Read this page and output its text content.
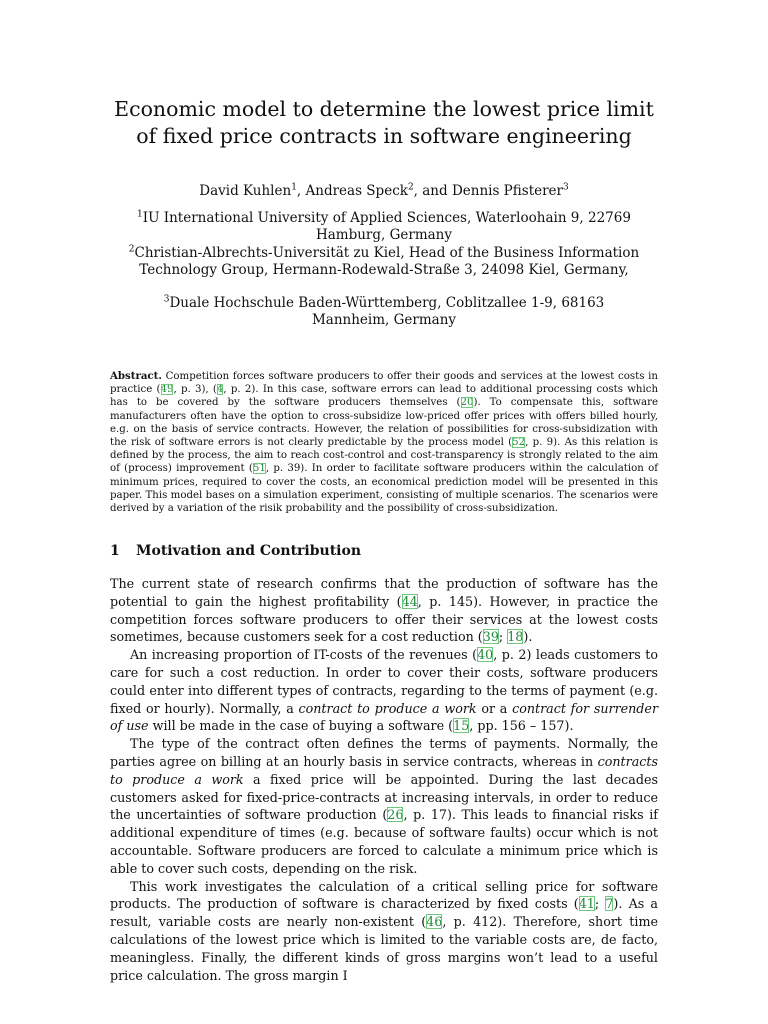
Economic model to determine the lowest price limit
of fixed price contracts in software engineering
David Kuhlen$^1$, Andreas Speck$^2$, and Dennis Pfisterer$^3$
$^1$IU International University of Applied Sciences, Waterloohain 9, 22769
Hamburg, Germany
$^2$Christian-Albrechts-Universität zu Kiel, Head of the Business Information
Technology Group, Hermann-Rodewald-Straße 3, 24098 Kiel, Germany,
$^3$Duale Hochschule Baden-Württemberg, Coblitzallee 1-9, 68163
Mannheim, Germany
Abstract. Competition forces software producers to offer their goods and services at the lowest costs in practice (49, p. 3), (4, p. 2). In this case, software errors can lead to additional processing costs which has to be covered by the software producers themselves (20). To compensate this, software manufacturers often have the option to cross-subsidize low-priced offer prices with offers billed hourly, e.g. on the basis of service contracts. However, the relation of possibilities for cross-subsidization with the risk of software errors is not clearly predictable by the process model (52, p. 9). As this relation is defined by the process, the aim to reach cost-control and cost-transparency is strongly related to the aim of (process) improvement (51, p. 39). In order to facilitate software producers within the calculation of minimum prices, required to cover the costs, an economical prediction model will be presented in this paper. This model bases on a simulation experiment, consisting of multiple scenarios. The scenarios were derived by a variation of the risik probability and the possibility of cross-subsidization.
1 Motivation and Contribution

The current state of research confirms that the production of software has the potential to gain the highest profitability (44, p. 145). However, in practice the competition forces software producers to offer their services at the lowest costs sometimes, because customers seek for a cost reduction (39; 18).

An increasing proportion of IT-costs of the revenues (40, p. 2) leads customers to care for such a cost reduction. In order to cover their costs, software producers could enter into different types of contracts, regarding to the terms of payment (e.g. fixed or hourly). Normally, a contract to produce a work or a contract for surrender of use will be made in the case of buying a software (15, pp. 156 – 157).

The type of the contract often defines the terms of payments. Normally, the parties agree on billing at an hourly basis in service contracts, whereas in contracts to produce a work a fixed price will be appointed. During the last decades customers asked for fixed-price-contracts at increasing intervals, in order to reduce the uncertainties of software production (26, p. 17). This leads to financial risks if additional expenditure of times (e.g. because of software faults) occur which is not accountable. Software producers are forced to calculate a minimum price which is able to cover such costs, depending on the risk.

This work investigates the calculation of a critical selling price for software products. The production of software is characterized by fixed costs (41; 7). As a result, variable costs are nearly non-existent (46, p. 412). Therefore, short time calculations of the lowest price which is limited to the variable costs are, de facto, meaningless. Finally, the different kinds of gross margins won’t lead to a useful price calculation. The gross margin I
